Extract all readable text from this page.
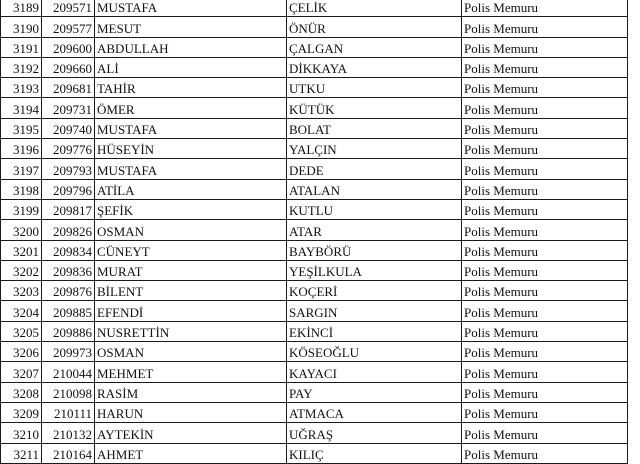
3189	209571	MUSTAFA	ÇELİK	Polis Memuru
3190	209577	MESUT	ÖNÜR	Polis Memuru
3191	209600	ABDULLAH	ÇALGAN	Polis Memuru
3192	209660	ALİ	DİKKAYA	Polis Memuru
3193	209681	TAHİR	UTKU	Polis Memuru
3194	209731	ÖMER	KÜTÜK	Polis Memuru
3195	209740	MUSTAFA	BOLAT	Polis Memuru
3196	209776	HÜSEYİN	YALÇIN	Polis Memuru
3197	209793	MUSTAFA	DEDE	Polis Memuru
3198	209796	ATİLA	ATALAN	Polis Memuru
3199	209817	ŞEFİK	KUTLU	Polis Memuru
3200	209826	OSMAN	ATAR	Polis Memuru
3201	209834	CÜNEYT	BAYBÖRÜ	Polis Memuru
3202	209836	MURAT	YEŞİLKULA	Polis Memuru
3203	209876	BİLENT	KOÇERİ	Polis Memuru
3204	209885	EFENDİ	SARGIN	Polis Memuru
3205	209886	NUSRETTİN	EKİNCİ	Polis Memuru
3206	209973	OSMAN	KÖSEOĞLU	Polis Memuru
3207	210044	MEHMET	KAYACI	Polis Memuru
3208	210098	RASİM	PAY	Polis Memuru
3209	210111	HARUN	ATMACA	Polis Memuru
3210	210132	AYTEKİN	UĞRAŞ	Polis Memuru
3211	210164	AHMET	KILIÇ	Polis Memuru
